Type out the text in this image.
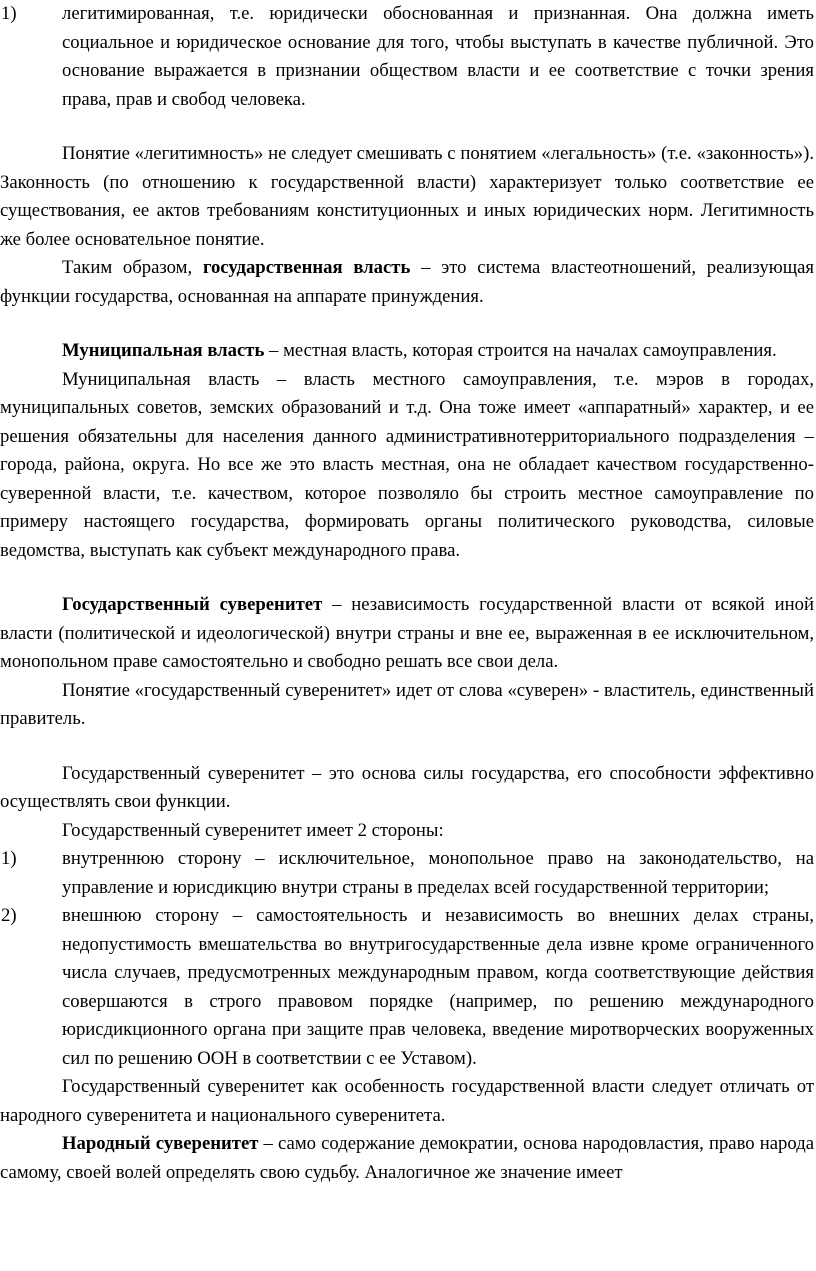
1)	легитимированная, т.е. юридически обоснованная и признанная. Она должна иметь социальное и юридическое основание для того, чтобы выступать в качестве публичной. Это основание выражается в признании обществом власти и ее соответствие с точки зрения права, прав и свобод человека.

Понятие «легитимность» не следует смешивать с понятием «легальность» (т.е. «законность»). Законность (по отношению к государственной власти) характеризует только соответствие ее существования, ее актов требованиям конституционных и иных юридических норм. Легитимность же более основательное понятие.

Таким образом, государственная власть – это система властеотношений, реализующая функции государства, основанная на аппарате принуждения.

Муниципальная власть – местная власть, которая строится на началах самоуправления.

Муниципальная власть – власть местного самоуправления, т.е. мэров в городах, муниципальных советов, земских образований и т.д. Она тоже имеет «аппаратный» характер, и ее решения обязательны для населения данного административнотерриториального подразделения – города, района, округа. Но все же это власть местная, она не обладает качеством государственно-суверенной власти, т.е. качеством, которое позволяло бы строить местное самоуправление по примеру настоящего государства, формировать органы политического руководства, силовые ведомства, выступать как субъект международного права.

Государственный суверенитет – независимость государственной власти от всякой иной власти (политической и идеологической) внутри страны и вне ее, выраженная в ее исключительном, монопольном праве самостоятельно и свободно решать все свои дела.

Понятие «государственный суверенитет» идет от слова «суверен» - властитель, единственный правитель.

Государственный суверенитет – это основа силы государства, его способности эффективно осуществлять свои функции.

Государственный суверенитет имеет 2 стороны:

1)	внутреннюю сторону – исключительное, монопольное право на законодательство, на управление и юрисдикцию внутри страны в пределах всей государственной территории;
2)	внешнюю сторону – самостоятельность и независимость во внешних делах страны, недопустимость вмешательства во внутригосударственные дела извне кроме ограниченного числа случаев, предусмотренных международным правом, когда соответствующие действия совершаются в строго правовом порядке (например, по решению международного юрисдикционного органа при защите прав человека, введение миротворческих вооруженных сил по решению ООН в соответствии с ее Уставом).

Государственный суверенитет как особенность государственной власти следует отличать от народного суверенитета и национального суверенитета.

Народный суверенитет – само содержание демократии, основа народовластия, право народа самому, своей волей определять свою судьбу. Аналогичное же значение имеет
